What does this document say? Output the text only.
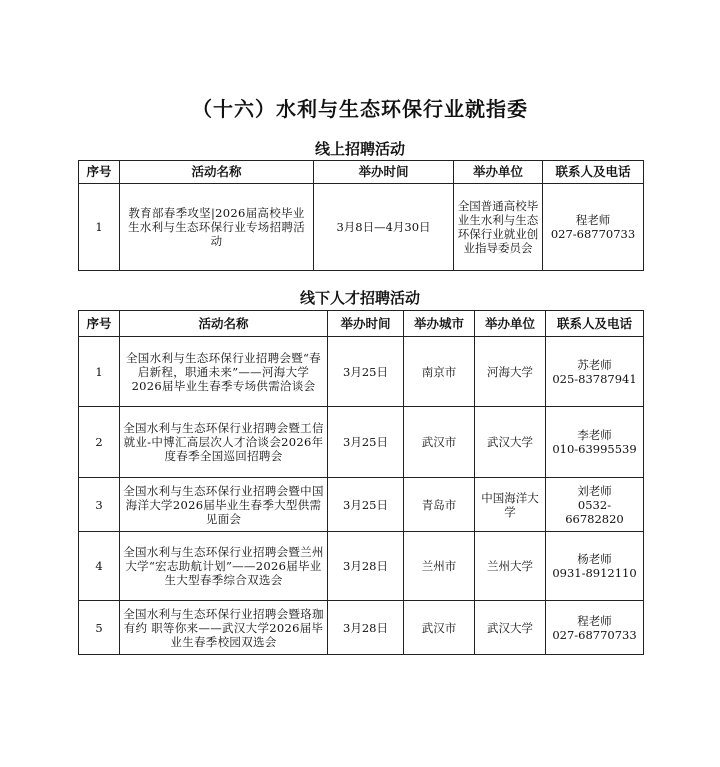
（十六）水利与生态环保行业就指委
线上招聘活动
序号	活动名称	举办时间	举办单位	联系人及电话
1	教育部春季攻坚|2026届高校毕业生水利与生态环保行业专场招聘活动	3月8日—4月30日	全国普通高校毕业生水利与生态环保行业就业创业指导委员会	程老师
027-68770733
线下人才招聘活动
序号	活动名称	举办时间	举办城市	举办单位	联系人及电话
1	全国水利与生态环保行业招聘会暨“春启新程，职通未来”——河海大学2026届毕业生春季专场供需洽谈会	3月25日	南京市	河海大学	苏老师
025-83787941

2	全国水利与生态环保行业招聘会暨工信就业-中博汇高层次人才洽谈会2026年度春季全国巡回招聘会	3月25日	武汉市	武汉大学	李老师
010-63995539

3	全国水利与生态环保行业招聘会暨中国海洋大学2026届毕业生春季大型供需见面会	3月25日	青岛市	中国海洋大学	刘老师
0532-66782820

4	全国水利与生态环保行业招聘会暨兰州大学“宏志助航计划”——2026届毕业生大型春季综合双选会	3月28日	兰州市	兰州大学	杨老师
0931-8912110

5	全国水利与生态环保行业招聘会暨珞珈有约 职等你来——武汉大学2026届毕业生春季校园双选会	3月28日	武汉市	武汉大学	程老师
027-68770733
